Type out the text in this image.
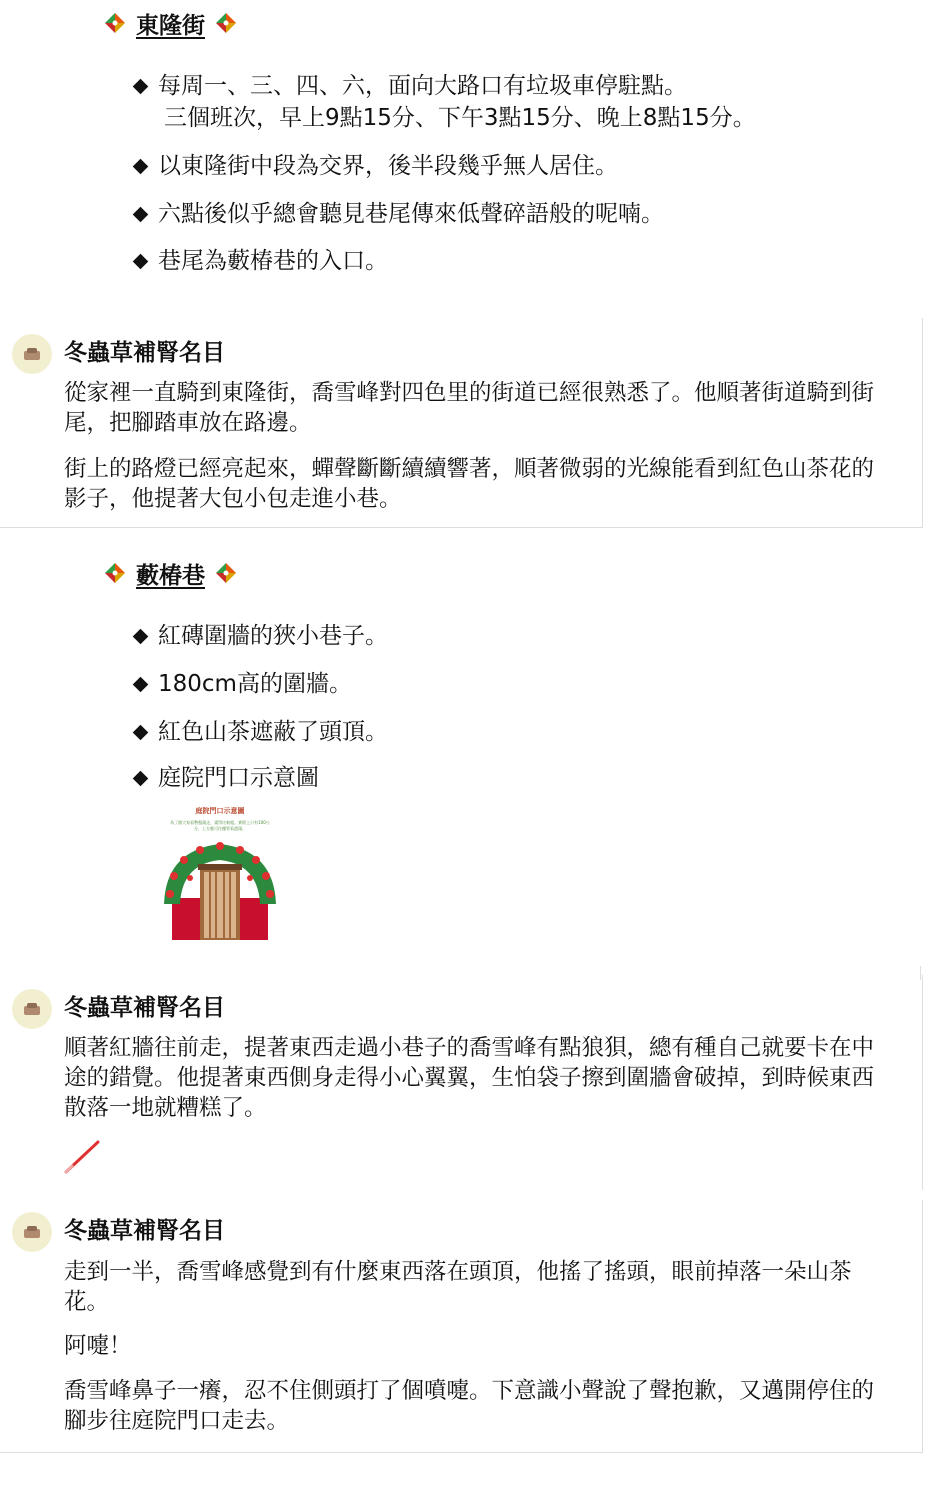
東隆街
每周一、三、四、六，面向大路口有垃圾車停駐點。
三個班次，早上9點15分、下午3點15分、晚上8點15分。
以東隆街中段為交界，後半段幾乎無人居住。
六點後似乎總會聽見巷尾傳來低聲碎語般的呢喃。
巷尾為藪椿巷的入口。
冬蟲草補腎名目
從家裡一直騎到東隆街，喬雪峰對四色里的街道已經很熟悉了。他順著街道騎到街尾，把腳踏車放在路邊。
街上的路燈已經亮起來，蟬聲斷斷續續響著，順著微弱的光線能看到紅色山茶花的影子，他提著大包小包走進小巷。
藪椿巷
紅磚圍牆的狹小巷子。
180cm高的圍牆。
紅色山茶遮蔽了頭頂。
庭院門口示意圖
庭院門口示意圖
為了擋大家看暫態鏡走，畫得比較粗。實際上只有100公分，上方應可往樓管看盡頭。
冬蟲草補腎名目
順著紅牆往前走，提著東西走過小巷子的喬雪峰有點狼狽，總有種自己就要卡在中途的錯覺。他提著東西側身走得小心翼翼，生怕袋子擦到圍牆會破掉，到時候東西散落一地就糟糕了。
冬蟲草補腎名目
走到一半，喬雪峰感覺到有什麼東西落在頭頂，他搖了搖頭，眼前掉落一朵山茶花。
阿嚏！
喬雪峰鼻子一癢，忍不住側頭打了個噴嚏。下意識小聲說了聲抱歉，又邁開停住的腳步往庭院門口走去。
